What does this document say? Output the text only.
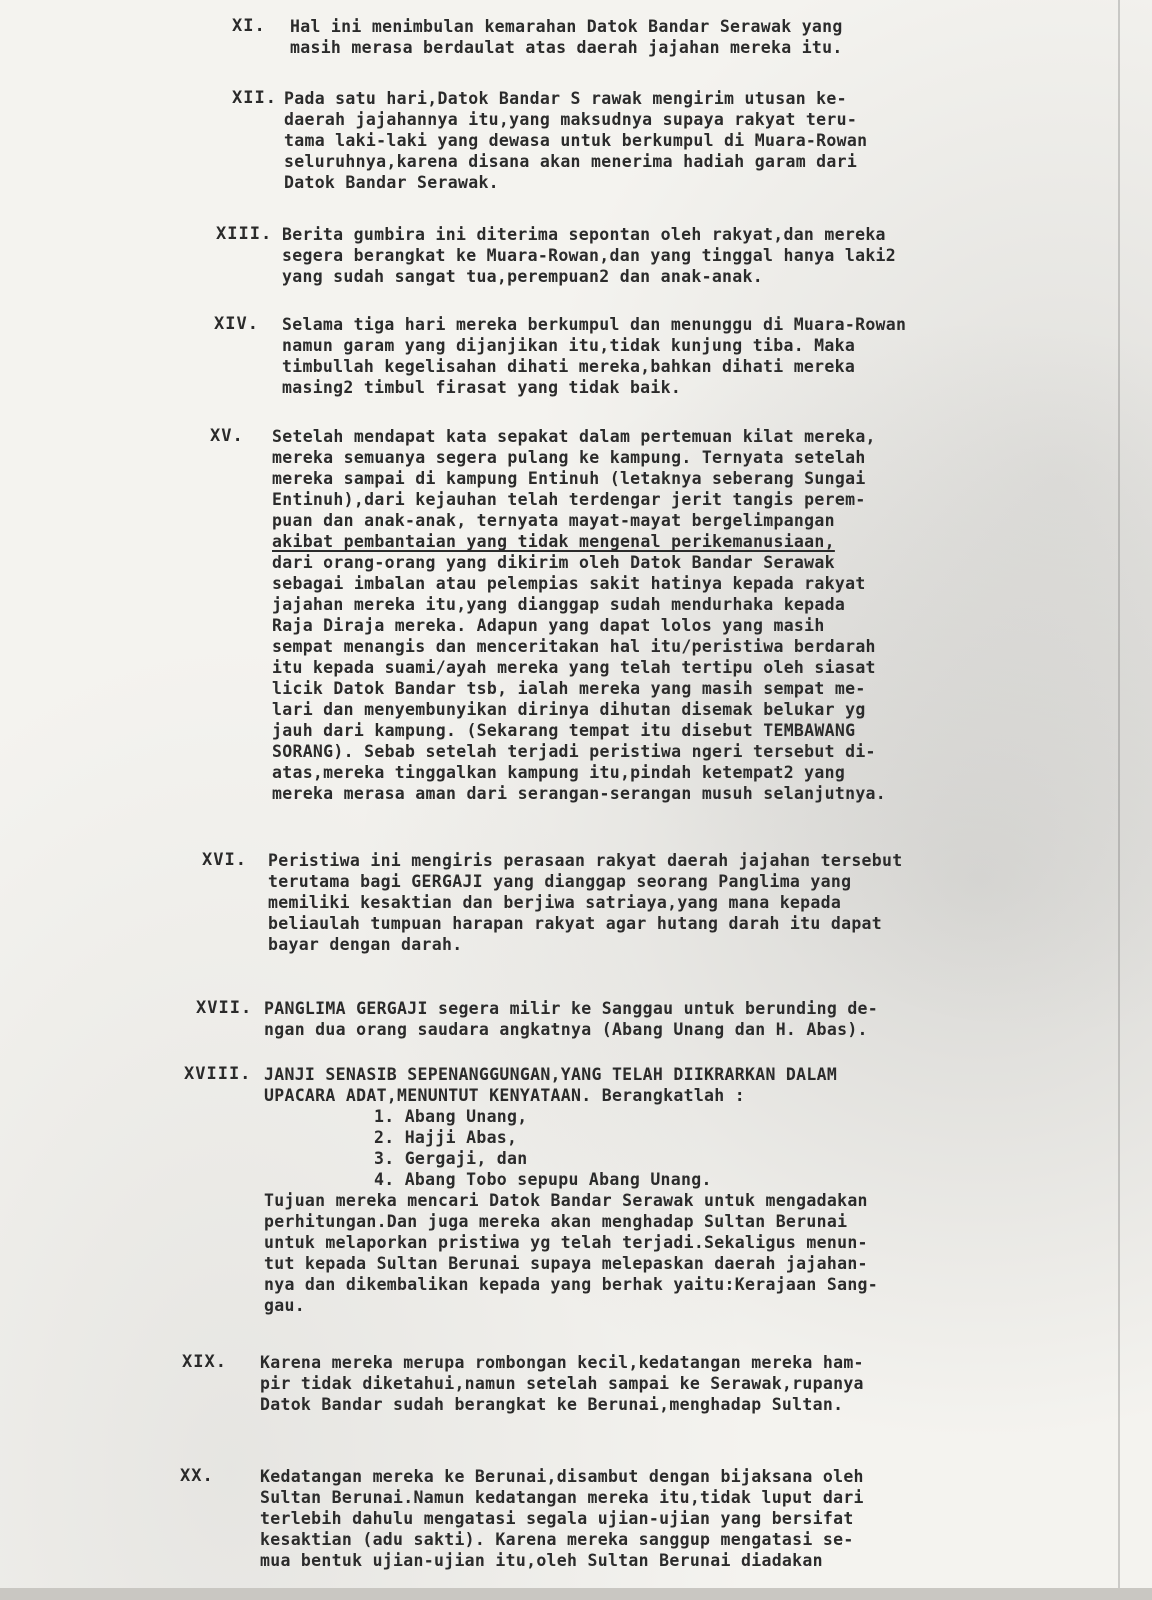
XI. Hal ini menimbulan kemarahan Datok Bandar Serawak yang
masih merasa berdaulat atas daerah jajahan mereka itu.
XII. Pada satu hari,Datok Bandar S rawak mengirim utusan ke-
daerah jajahannya itu,yang maksudnya supaya rakyat teru-
tama laki-laki yang dewasa untuk berkumpul di Muara-Rowan
seluruhnya,karena disana akan menerima hadiah garam dari
Datok Bandar Serawak.
XIII. Berita gumbira ini diterima sepontan oleh rakyat,dan mereka
segera berangkat ke Muara-Rowan,dan yang tinggal hanya laki2
yang sudah sangat tua,perempuan2 dan anak-anak.
XIV. Selama tiga hari mereka berkumpul dan menunggu di Muara-Rowan
namun garam yang dijanjikan itu,tidak kunjung tiba. Maka
timbullah kegelisahan dihati mereka,bahkan dihati mereka
masing2 timbul firasat yang tidak baik.
XV. Setelah mendapat kata sepakat dalam pertemuan kilat mereka,
mereka semuanya segera pulang ke kampung. Ternyata setelah
mereka sampai di kampung Entinuh (letaknya seberang Sungai
Entinuh),dari kejauhan telah terdengar jerit tangis perem-
puan dan anak-anak, ternyata mayat-mayat bergelimpangan
akibat pembantaian yang tidak mengenal perikemanusiaan,
dari orang-orang yang dikirim oleh Datok Bandar Serawak
sebagai imbalan atau pelempias sakit hatinya kepada rakyat
jajahan mereka itu,yang dianggap sudah mendurhaka kepada
Raja Diraja mereka. Adapun yang dapat lolos yang masih
sempat menangis dan menceritakan hal itu/peristiwa berdarah
itu kepada suami/ayah mereka yang telah tertipu oleh siasat
licik Datok Bandar tsb, ialah mereka yang masih sempat me-
lari dan menyembunyikan dirinya dihutan disemak belukar yg
jauh dari kampung. (Sekarang tempat itu disebut TEMBAWANG
SORANG). Sebab setelah terjadi peristiwa ngeri tersebut di-
atas,mereka tinggalkan kampung itu,pindah ketempat2 yang
mereka merasa aman dari serangan-serangan musuh selanjutnya.
XVI. Peristiwa ini mengiris perasaan rakyat daerah jajahan tersebut
terutama bagi GERGAJI yang dianggap seorang Panglima yang
memiliki kesaktian dan berjiwa satriaya,yang mana kepada
beliaulah tumpuan harapan rakyat agar hutang darah itu dapat
bayar dengan darah.
XVII. PANGLIMA GERGAJI segera milir ke Sanggau untuk berunding de-
ngan dua orang saudara angkatnya (Abang Unang dan H. Abas).
XVIII. JANJI SENASIB SEPENANGGUNGAN,YANG TELAH DIIKRARKAN DALAM
UPACARA ADAT,MENUNTUT KENYATAAN. Berangkatlah :
1. Abang Unang,
2. Hajji Abas,
3. Gergaji, dan
4. Abang Tobo sepupu Abang Unang.
Tujuan mereka mencari Datok Bandar Serawak untuk mengadakan
perhitungan.Dan juga mereka akan menghadap Sultan Berunai
untuk melaporkan pristiwa yg telah terjadi.Sekaligus menun-
tut kepada Sultan Berunai supaya melepaskan daerah jajahan-
nya dan dikembalikan kepada yang berhak yaitu:Kerajaan Sang-
gau.
XIX. Karena mereka merupa rombongan kecil,kedatangan mereka ham-
pir tidak diketahui,namun setelah sampai ke Serawak,rupanya
Datok Bandar sudah berangkat ke Berunai,menghadap Sultan.
XX.	Kedatangan mereka ke Berunai,disambut dengan bijaksana oleh
Sultan Berunai.Namun kedatangan mereka itu,tidak luput dari
terlebih dahulu mengatasi segala ujian-ujian yang bersifat
kesaktian (adu sakti). Karena mereka sanggup mengatasi se-
mua bentuk ujian-ujian itu,oleh Sultan Berunai diadakan
